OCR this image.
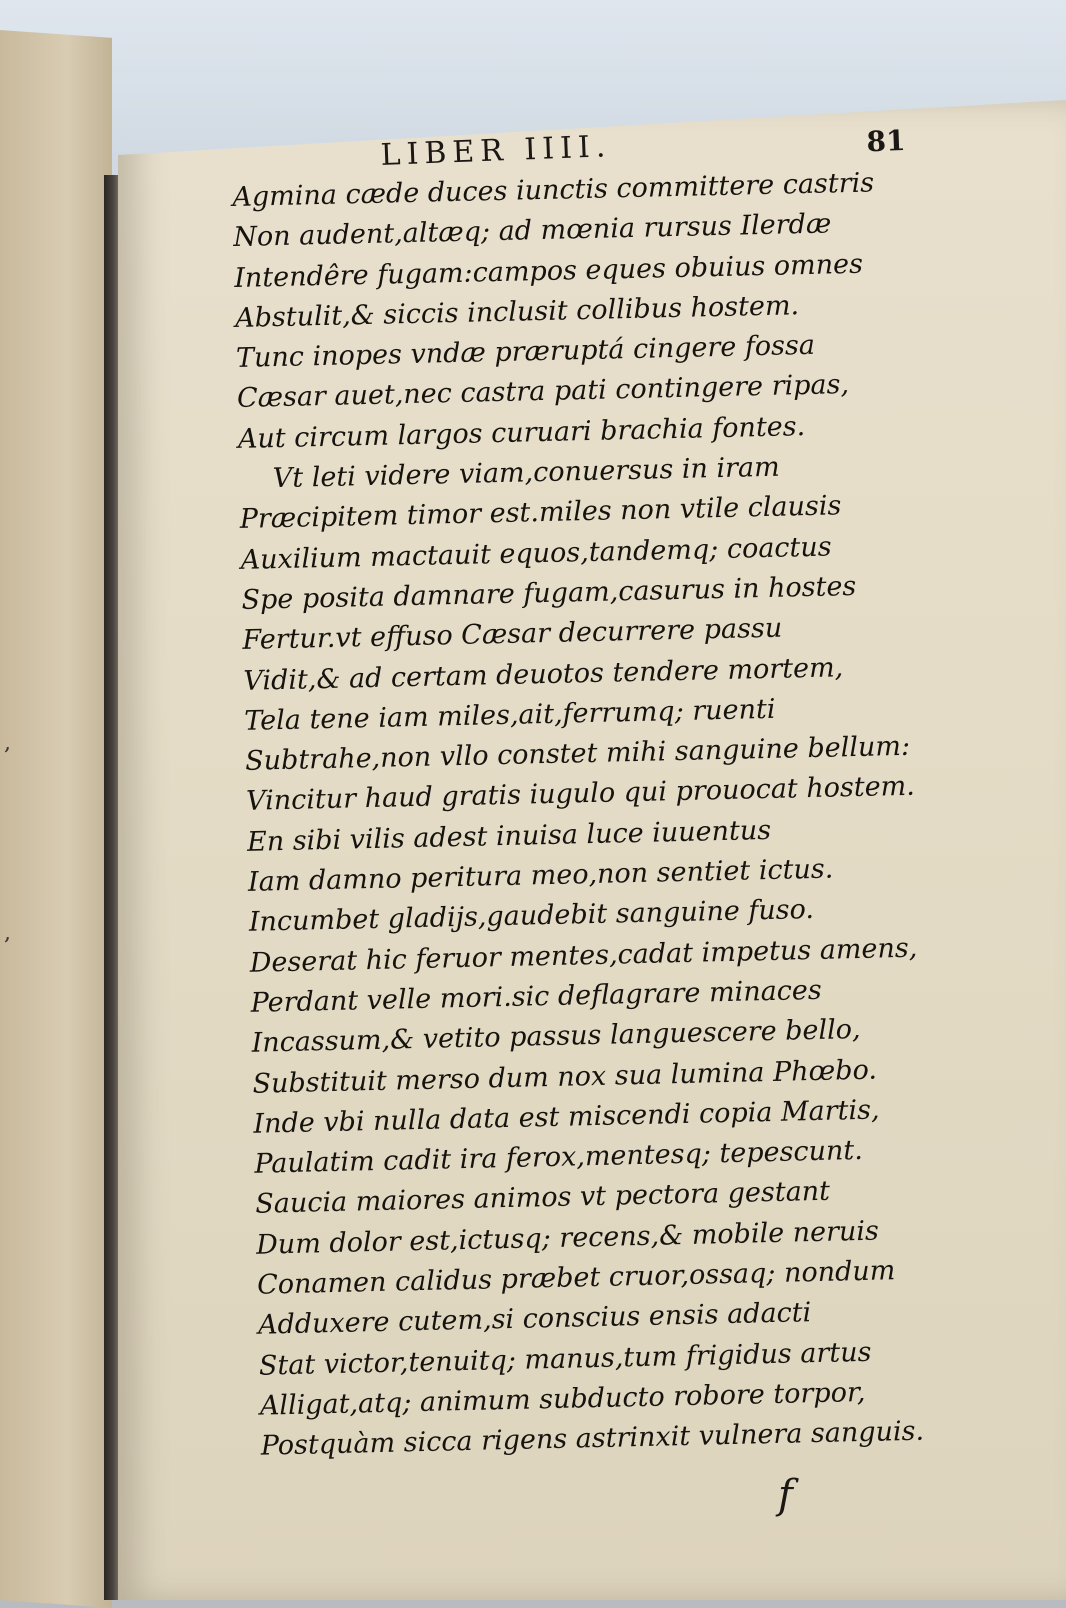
,
,
LIBER IIII.	81
Agmina cæde duces iunctis committere castris
Non audent,altæq; ad mœnia rursus Ilerdæ
Intendêre fugam:campos eques obuius omnes
Abstulit,& siccis inclusit collibus hostem.
Tunc inopes vndæ præruptá cingere fossa
Cæsar auet,nec castra pati contingere ripas,
Aut circum largos curuari brachia fontes.
Vt leti videre viam,conuersus in iram
Præcipitem timor est.miles non vtile clausis
Auxilium mactauit equos,tandemq; coactus
Spe posita damnare fugam,casurus in hostes
Fertur.vt effuso Cæsar decurrere passu
Vidit,& ad certam deuotos tendere mortem,
Tela tene iam miles,ait,ferrumq; ruenti
Subtrahe,non vllo constet mihi sanguine bellum:
Vincitur haud gratis iugulo qui prouocat hostem.
En sibi vilis adest inuisa luce iuuentus
Iam damno peritura meo,non sentiet ictus.
Incumbet gladijs,gaudebit sanguine fuso.
Deserat hic feruor mentes,cadat impetus amens,
Perdant velle mori.sic deflagrare minaces
Incassum,& vetito passus languescere bello,
Substituit merso dum nox sua lumina Phœbo.
Inde vbi nulla data est miscendi copia Martis,
Paulatim cadit ira ferox,mentesq; tepescunt.
Saucia maiores animos vt pectora gestant
Dum dolor est,ictusq; recens,& mobile neruis
Conamen calidus præbet cruor,ossaq; nondum
Adduxere cutem,si conscius ensis adacti
Stat victor,tenuitq; manus,tum frigidus artus
Alligat,atq; animum subducto robore torpor,
Postquàm sicca rigens astrinxit vulnera sanguis.
f
